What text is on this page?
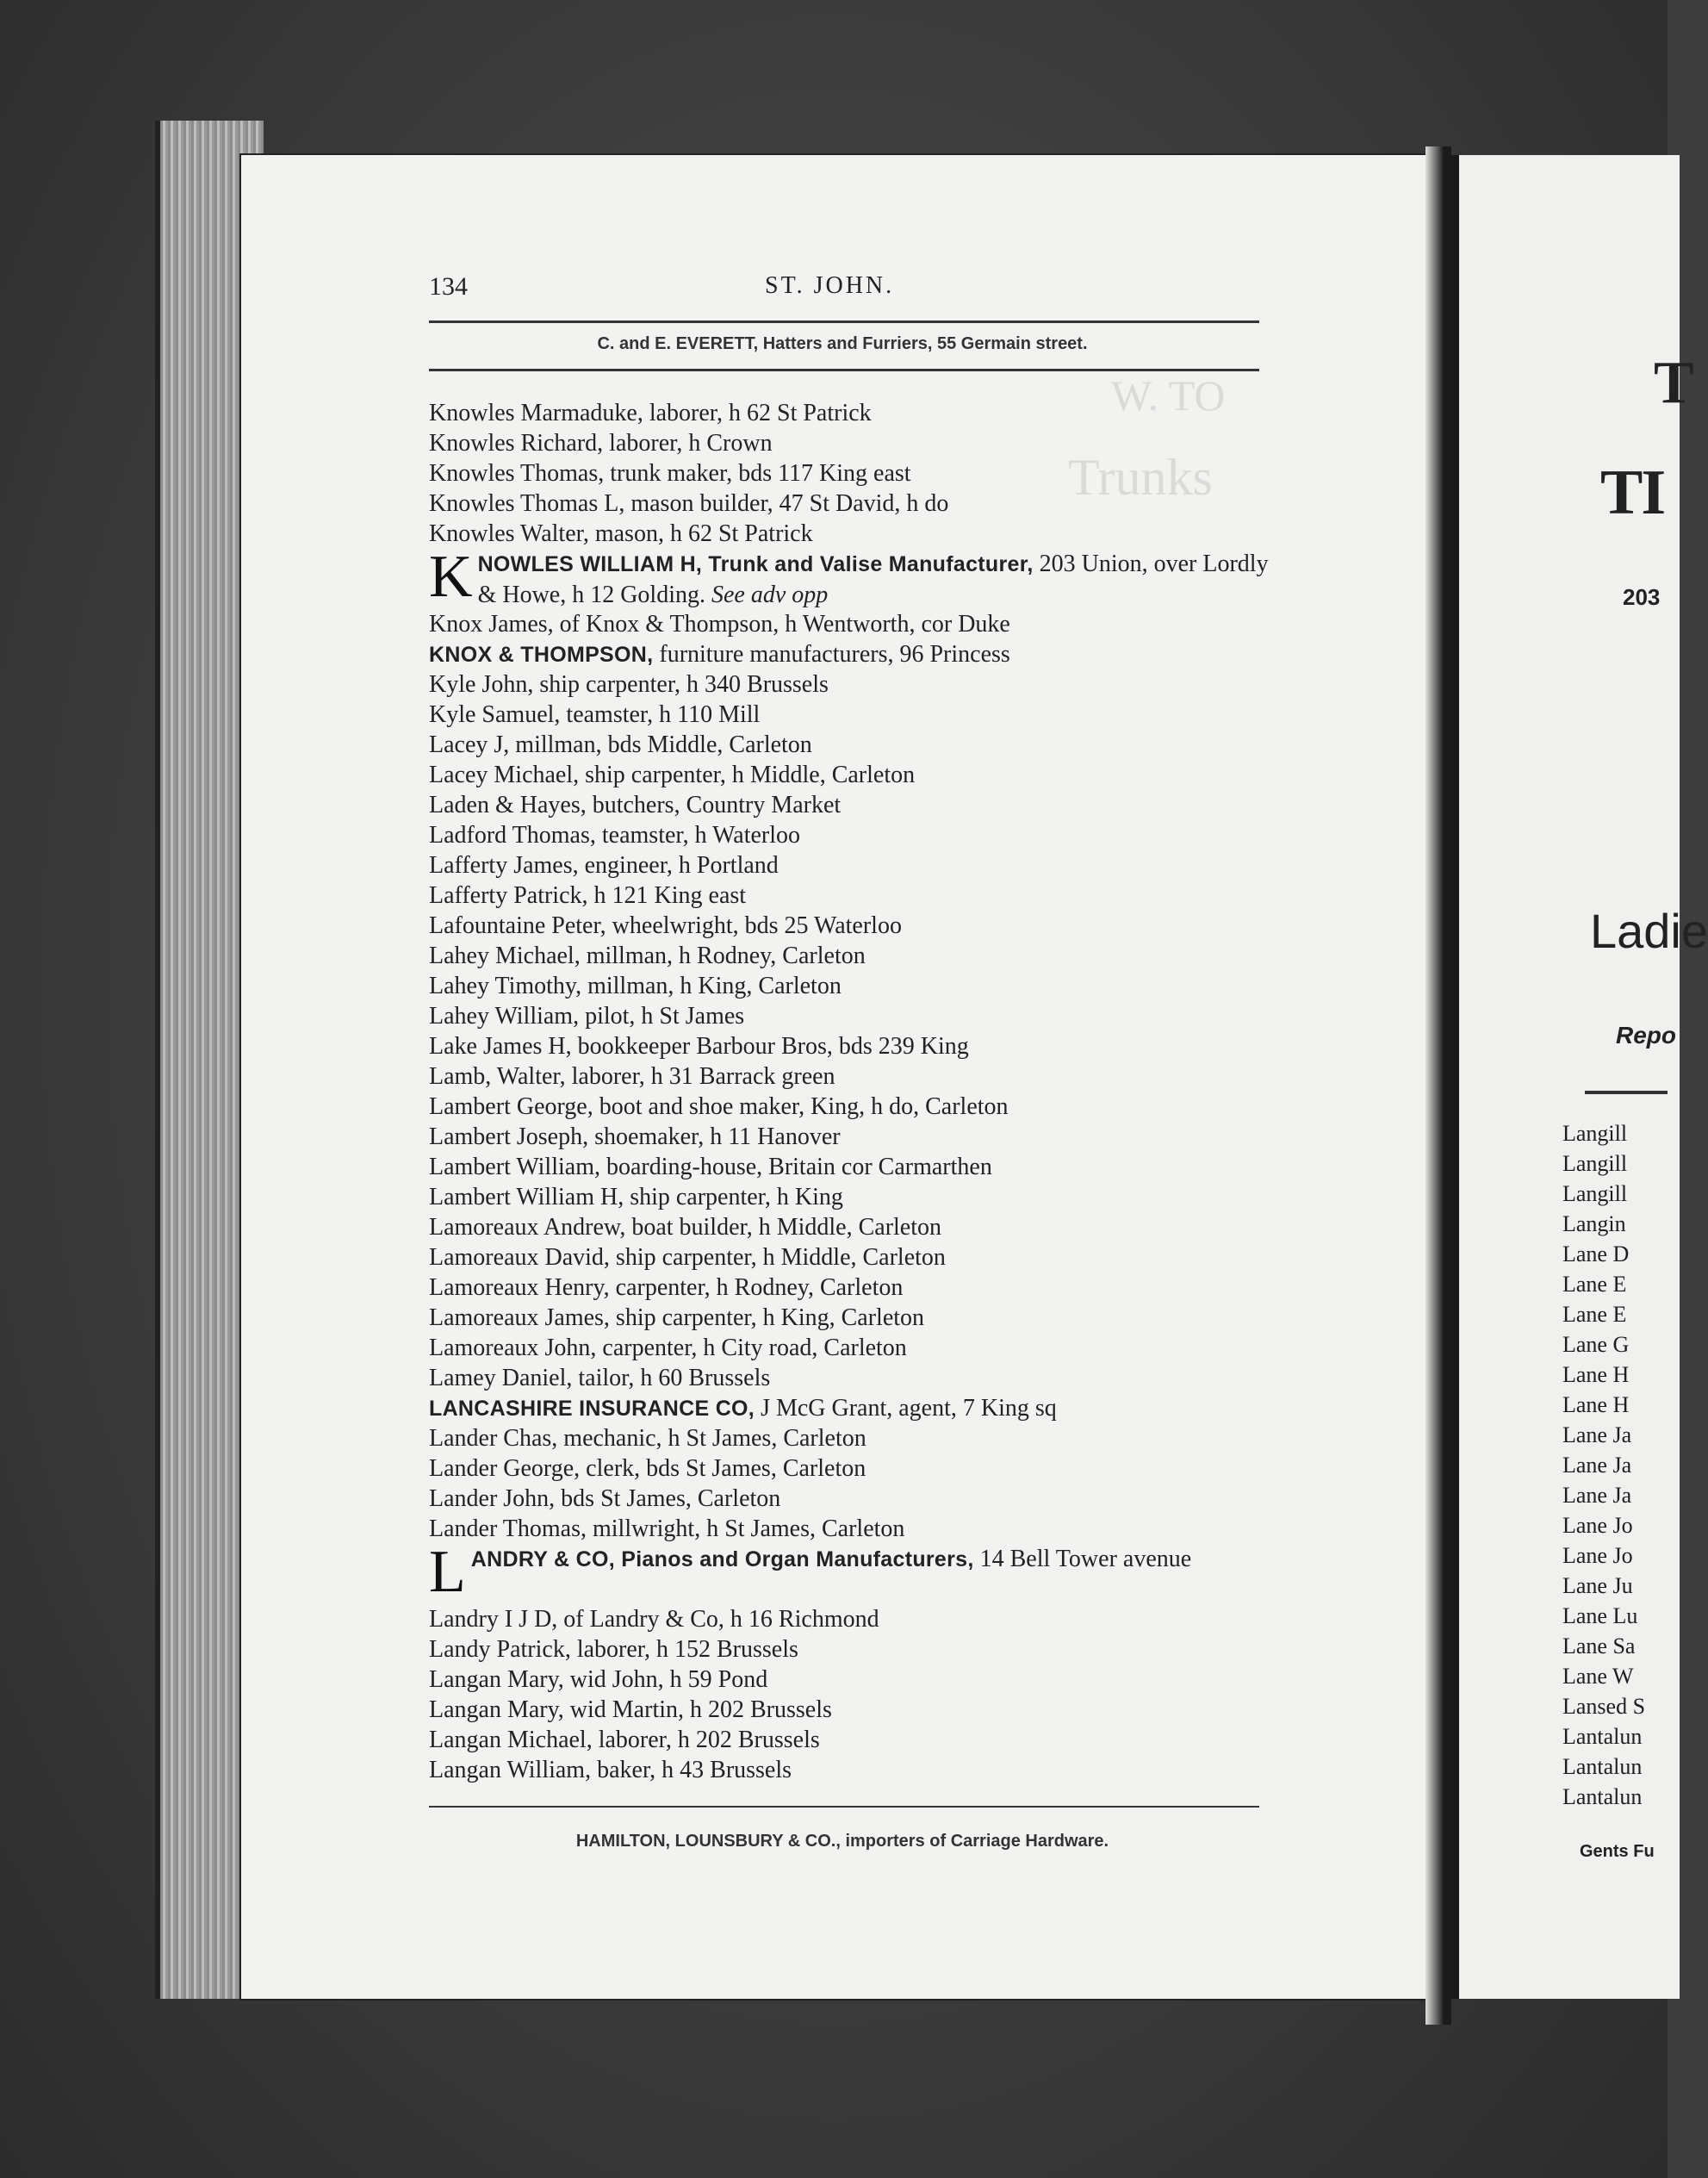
Trunks
W. TO
134	ST. JOHN.
C. and E. EVERETT, Hatters and Furriers, 55 Germain street.
Knowles Marmaduke, laborer, h 62 St Patrick
Knowles Richard, laborer, h Crown
Knowles Thomas, trunk maker, bds 117 King east
Knowles Thomas L, mason builder, 47 St David, h do
Knowles Walter, mason, h 62 St Patrick
KNOWLES WILLIAM H, Trunk and Valise Manufacturer, 203 Union, over Lordly & Howe, h 12 Golding. See adv opp
Knox James, of Knox & Thompson, h Wentworth, cor Duke
KNOX & THOMPSON, furniture manufacturers, 96 Princess
Kyle John, ship carpenter, h 340 Brussels
Kyle Samuel, teamster, h 110 Mill
Lacey J, millman, bds Middle, Carleton
Lacey Michael, ship carpenter, h Middle, Carleton
Laden & Hayes, butchers, Country Market
Ladford Thomas, teamster, h Waterloo
Lafferty James, engineer, h Portland
Lafferty Patrick, h 121 King east
Lafountaine Peter, wheelwright, bds 25 Waterloo
Lahey Michael, millman, h Rodney, Carleton
Lahey Timothy, millman, h King, Carleton
Lahey William, pilot, h St James
Lake James H, bookkeeper Barbour Bros, bds 239 King
Lamb, Walter, laborer, h 31 Barrack green
Lambert George, boot and shoe maker, King, h do, Carleton
Lambert Joseph, shoemaker, h 11 Hanover
Lambert William, boarding-house, Britain cor Carmarthen
Lambert William H, ship carpenter, h King
Lamoreaux Andrew, boat builder, h Middle, Carleton
Lamoreaux David, ship carpenter, h Middle, Carleton
Lamoreaux Henry, carpenter, h Rodney, Carleton
Lamoreaux James, ship carpenter, h King, Carleton
Lamoreaux John, carpenter, h City road, Carleton
Lamey Daniel, tailor, h 60 Brussels
LANCASHIRE INSURANCE CO, J McG Grant, agent, 7 King sq
Lander Chas, mechanic, h St James, Carleton
Lander George, clerk, bds St James, Carleton
Lander John, bds St James, Carleton
Lander Thomas, millwright, h St James, Carleton
LANDRY & CO, Pianos and Organ Manufacturers, 14 Bell Tower avenue
Landry I J D, of Landry & Co, h 16 Richmond
Landy Patrick, laborer, h 152 Brussels
Langan Mary, wid John, h 59 Pond
Langan Mary, wid Martin, h 202 Brussels
Langan Michael, laborer, h 202 Brussels
Langan William, baker, h 43 Brussels
HAMILTON, LOUNSBURY & CO., importers of Carriage Hardware.
T
TI
203
Ladie
Repo
Langill
Langill
Langill
Langin
Lane D
Lane E
Lane E
Lane G
Lane H
Lane H
Lane Ja
Lane Ja
Lane Ja
Lane Jo
Lane Jo
Lane Ju
Lane Lu
Lane Sa
Lane W
Lansed S
Lantalun
Lantalun
Lantalun
Gents Fu
